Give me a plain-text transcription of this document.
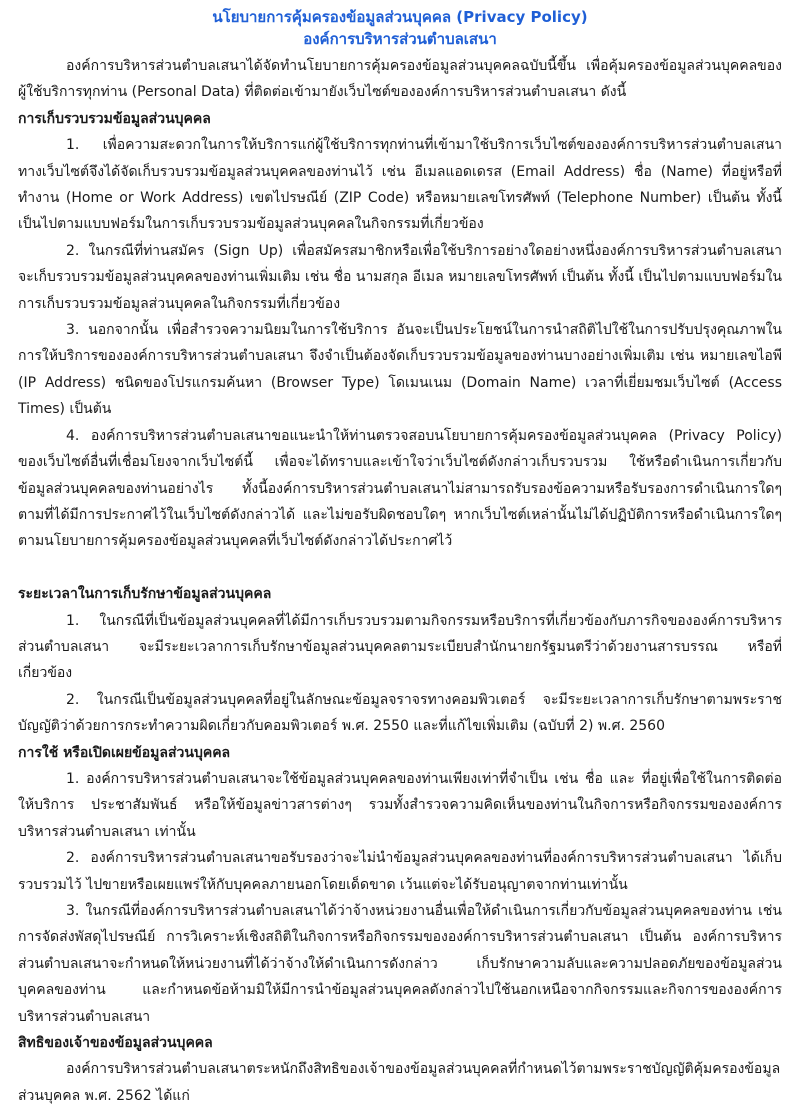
นโยบายการคุ้มครองข้อมูลส่วนบุคคล (Privacy Policy)
องค์การบริหารส่วนตำบลเสนา

องค์การบริหารส่วนตำบลเสนาได้จัดทำนโยบายการคุ้มครองข้อมูลส่วนบุคคลฉบับนี้ขึ้น เพื่อคุ้มครองข้อมูลส่วนบุคคลของผู้ใช้บริการทุกท่าน (Personal Data) ที่ติดต่อเข้ามายังเว็บไซต์ขององค์การบริหารส่วนตำบลเสนา ดังนี้

การเก็บรวบรวมข้อมูลส่วนบุคคล

1. เพื่อความสะดวกในการให้บริการแก่ผู้ใช้บริการทุกท่านที่เข้ามาใช้บริการเว็บไซต์ขององค์การบริหารส่วนตำบลเสนา ทางเว็บไซต์จึงได้จัดเก็บรวบรวมข้อมูลส่วนบุคคลของท่านไว้ เช่น อีเมลแอดเดรส (Email Address) ชื่อ (Name) ที่อยู่หรือที่ทำงาน (Home or Work Address) เขตไปรษณีย์ (ZIP Code) หรือหมายเลขโทรศัพท์ (Telephone Number) เป็นต้น ทั้งนี้ เป็นไปตามแบบฟอร์มในการเก็บรวบรวมข้อมูลส่วนบุคคลในกิจกรรมที่เกี่ยวข้อง

2. ในกรณีที่ท่านสมัคร (Sign Up) เพื่อสมัครสมาชิกหรือเพื่อใช้บริการอย่างใดอย่างหนึ่งองค์การบริหารส่วนตำบลเสนา จะเก็บรวบรวมข้อมูลส่วนบุคคลของท่านเพิ่มเติม เช่น ชื่อ นามสกุล อีเมล หมายเลขโทรศัพท์ เป็นต้น ทั้งนี้ เป็นไปตามแบบฟอร์มในการเก็บรวบรวมข้อมูลส่วนบุคคลในกิจกรรมที่เกี่ยวข้อง

3. นอกจากนั้น เพื่อสำรวจความนิยมในการใช้บริการ อันจะเป็นประโยชน์ในการนำสถิติไปใช้ในการปรับปรุงคุณภาพในการให้บริการขององค์การบริหารส่วนตำบลเสนา จึงจำเป็นต้องจัดเก็บรวบรวมข้อมูลของท่านบางอย่างเพิ่มเติม เช่น หมายเลขไอพี (IP Address) ชนิดของโปรแกรมค้นหา (Browser Type) โดเมนเนม (Domain Name) เวลาที่เยี่ยมชมเว็บไซต์ (Access Times) เป็นต้น

4. องค์การบริหารส่วนตำบลเสนาขอแนะนำให้ท่านตรวจสอบนโยบายการคุ้มครองข้อมูลส่วนบุคคล (Privacy Policy) ของเว็บไซต์อื่นที่เชื่อมโยงจากเว็บไซต์นี้ เพื่อจะได้ทราบและเข้าใจว่าเว็บไซต์ดังกล่าวเก็บรวบรวม ใช้หรือดำเนินการเกี่ยวกับข้อมูลส่วนบุคคลของท่านอย่างไร ทั้งนี้องค์การบริหารส่วนตำบลเสนาไม่สามารถรับรองข้อความหรือรับรองการดำเนินการใดๆ ตามที่ได้มีการประกาศไว้ในเว็บไซต์ดังกล่าวได้ และไม่ขอรับผิดชอบใดๆ หากเว็บไซต์เหล่านั้นไม่ได้ปฏิบัติการหรือดำเนินการใดๆ ตามนโยบายการคุ้มครองข้อมูลส่วนบุคคลที่เว็บไซต์ดังกล่าวได้ประกาศไว้

ระยะเวลาในการเก็บรักษาข้อมูลส่วนบุคคล

1. ในกรณีที่เป็นข้อมูลส่วนบุคคลที่ได้มีการเก็บรวบรวมตามกิจกรรมหรือบริการที่เกี่ยวข้องกับภารกิจขององค์การบริหารส่วนตำบลเสนา จะมีระยะเวลาการเก็บรักษาข้อมูลส่วนบุคคลตามระเบียบสำนักนายกรัฐมนตรีว่าด้วยงานสารบรรณ หรือที่เกี่ยวข้อง

2. ในกรณีเป็นข้อมูลส่วนบุคคลที่อยู่ในลักษณะข้อมูลจราจรทางคอมพิวเตอร์ จะมีระยะเวลาการเก็บรักษาตามพระราชบัญญัติว่าด้วยการกระทำความผิดเกี่ยวกับคอมพิวเตอร์ พ.ศ. 2550 และที่แก้ไขเพิ่มเติม (ฉบับที่ 2) พ.ศ. 2560

การใช้ หรือเปิดเผยข้อมูลส่วนบุคคล

1. องค์การบริหารส่วนตำบลเสนาจะใช้ข้อมูลส่วนบุคคลของท่านเพียงเท่าที่จำเป็น เช่น ชื่อ และ ที่อยู่เพื่อใช้ในการติดต่อ ให้บริการ ประชาสัมพันธ์ หรือให้ข้อมูลข่าวสารต่างๆ รวมทั้งสำรวจความคิดเห็นของท่านในกิจการหรือกิจกรรมขององค์การบริหารส่วนตำบลเสนา เท่านั้น

2. องค์การบริหารส่วนตำบลเสนาขอรับรองว่าจะไม่นำข้อมูลส่วนบุคคลของท่านที่องค์การบริหารส่วนตำบลเสนา ได้เก็บรวบรวมไว้ ไปขายหรือเผยแพร่ให้กับบุคคลภายนอกโดยเด็ดขาด เว้นแต่จะได้รับอนุญาตจากท่านเท่านั้น

3. ในกรณีที่องค์การบริหารส่วนตำบลเสนาได้ว่าจ้างหน่วยงานอื่นเพื่อให้ดำเนินการเกี่ยวกับข้อมูลส่วนบุคคลของท่าน เช่น การจัดส่งพัสดุไปรษณีย์ การวิเคราะห์เชิงสถิติในกิจการหรือกิจกรรมขององค์การบริหารส่วนตำบลเสนา เป็นต้น องค์การบริหารส่วนตำบลเสนาจะกำหนดให้หน่วยงานที่ได้ว่าจ้างให้ดำเนินการดังกล่าว เก็บรักษาความลับและความปลอดภัยของข้อมูลส่วนบุคคลของท่าน และกำหนดข้อห้ามมิให้มีการนำข้อมูลส่วนบุคคลดังกล่าวไปใช้นอกเหนือจากกิจกรรมและกิจการขององค์การบริหารส่วนตำบลเสนา

สิทธิของเจ้าของข้อมูลส่วนบุคคล

องค์การบริหารส่วนตำบลเสนาตระหนักถึงสิทธิของเจ้าของข้อมูลส่วนบุคคลที่กำหนดไว้ตามพระราชบัญญัติคุ้มครองข้อมูลส่วนบุคคล พ.ศ. 2562 ได้แก่
